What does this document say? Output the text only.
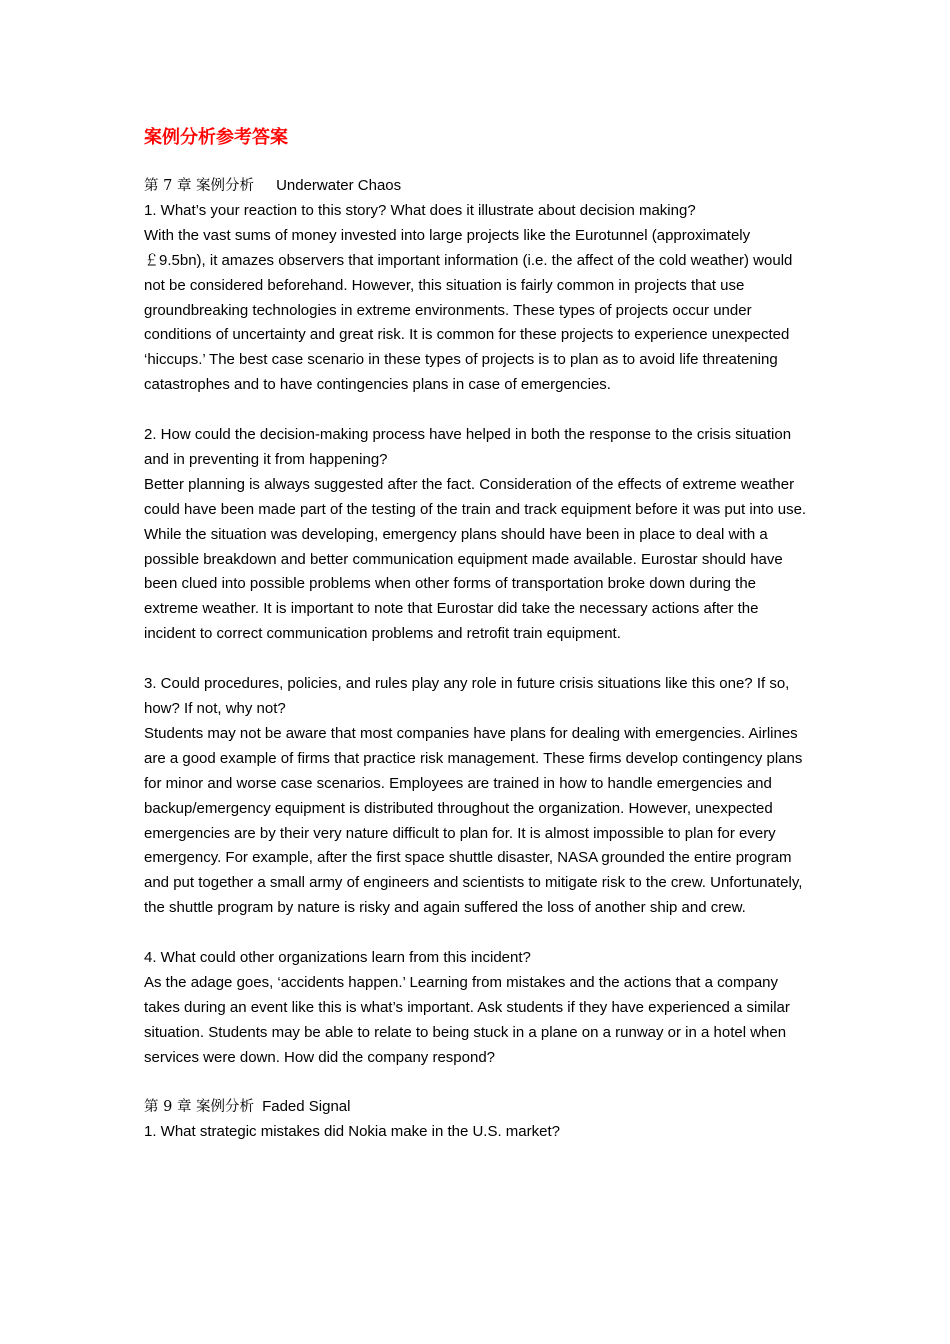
案例分析参考答案

第 7 章 案例分析 Underwater Chaos

1. What’s your reaction to this story? What does it illustrate about decision making?

With the vast sums of money invested into large projects like the Eurotunnel (approximately ￡9.5bn), it amazes observers that important information (i.e. the affect of the cold weather) would not be considered beforehand. However, this situation is fairly common in projects that use groundbreaking technologies in extreme environments. These types of projects occur under conditions of uncertainty and great risk. It is common for these projects to experience unexpected ‘hiccups.’ The best case scenario in these types of projects is to plan as to avoid life threatening catastrophes and to have contingencies plans in case of emergencies.

2. How could the decision-making process have helped in both the response to the crisis situation and in preventing it from happening?

Better planning is always suggested after the fact. Consideration of the effects of extreme weather could have been made part of the testing of the train and track equipment before it was put into use. While the situation was developing, emergency plans should have been in place to deal with a possible breakdown and better communication equipment made available. Eurostar should have been clued into possible problems when other forms of transportation broke down during the extreme weather. It is important to note that Eurostar did take the necessary actions after the incident to correct communication problems and retrofit train equipment.

3. Could procedures, policies, and rules play any role in future crisis situations like this one? If so, how? If not, why not?

Students may not be aware that most companies have plans for dealing with emergencies. Airlines are a good example of firms that practice risk management. These firms develop contingency plans for minor and worse case scenarios. Employees are trained in how to handle emergencies and backup/emergency equipment is distributed throughout the organization. However, unexpected emergencies are by their very nature difficult to plan for. It is almost impossible to plan for every emergency. For example, after the first space shuttle disaster, NASA grounded the entire program and put together a small army of engineers and scientists to mitigate risk to the crew. Unfortunately, the shuttle program by nature is risky and again suffered the loss of another ship and crew.

4. What could other organizations learn from this incident?

As the adage goes, ‘accidents happen.’ Learning from mistakes and the actions that a company takes during an event like this is what’s important. Ask students if they have experienced a similar situation. Students may be able to relate to being stuck in a plane on a runway or in a hotel when services were down. How did the company respond?

第 9 章 案例分析 Faded Signal

1. What strategic mistakes did Nokia make in the U.S. market?
